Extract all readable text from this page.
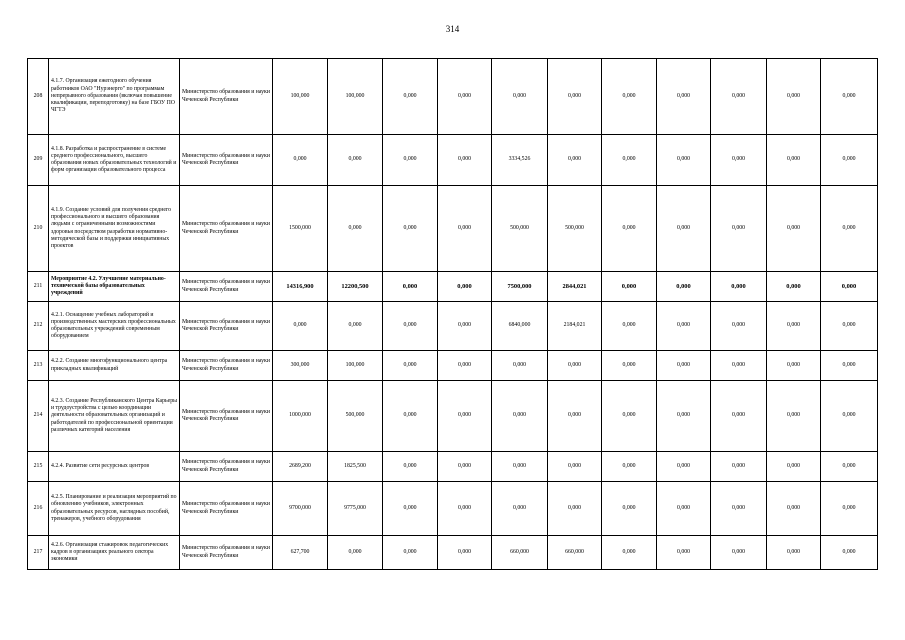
314
208	4.1.7. Организация ежегодного обучения работников ОАО "Нурэнерго" по программам непрерывного образования (включая повышение квалификации, переподготовку) на базе ГБОУ ПО ЧГТЭ	Министерство образования и науки Чеченской Республики	100,000	100,000	0,000	0,000	0,000	0,000	0,000	0,000	0,000	0,000	0,000
209	4.1.8. Разработка и распространение в системе среднего профессионального, высшего образования новых образовательных технологий и форм организации образовательного процесса	Министерство образования и науки Чеченской Республики	0,000	0,000	0,000	0,000	3334,526	0,000	0,000	0,000	0,000	0,000	0,000
210	4.1.9. Создание условий для получения среднего профессионального и высшего образования людьми с ограниченными возможностями здоровья посредством разработки нормативно-методической базы и поддержки инициативных проектов	Министерство образования и науки Чеченской Республики	1500,000	0,000	0,000	0,000	500,000	500,000	0,000	0,000	0,000	0,000	0,000
211	Мероприятие 4.2. Улучшение материально-технической базы образовательных учреждений	Министерство образования и науки Чеченской Республики	14316,900	12200,500	0,000	0,000	7500,000	2844,021	0,000	0,000	0,000	0,000	0,000
212	4.2.1. Оснащение учебных лабораторий и производственных мастерских профессиональных образовательных учреждений современным оборудованием	Министерство образования и науки Чеченской Республики	0,000	0,000	0,000	0,000	6840,000	2184,021	0,000	0,000	0,000	0,000	0,000
213	4.2.2. Создание многофункционального центра прикладных квалификаций	Министерство образования и науки Чеченской Республики	300,000	100,000	0,000	0,000	0,000	0,000	0,000	0,000	0,000	0,000	0,000
214	4.2.3. Создание Республиканского Центра Карьеры и трудоустройства с целью координации деятельности образовательных организаций и работодателей по профессиональной ориентации различных категорий населения	Министерство образования и науки Чеченской Республики	1000,000	500,000	0,000	0,000	0,000	0,000	0,000	0,000	0,000	0,000	0,000
215	4.2.4. Развитие сети ресурсных центров	Министерство образования и науки Чеченской Республики	2689,200	1825,500	0,000	0,000	0,000	0,000	0,000	0,000	0,000	0,000	0,000
216	4.2.5. Планирование и реализация мероприятий по обновлению учебников, электронных образовательных ресурсов, наглядных пособий, тренажеров, учебного оборудования	Министерство образования и науки Чеченской Республики	9700,000	9775,000	0,000	0,000	0,000	0,000	0,000	0,000	0,000	0,000	0,000
217	4.2.6. Организация стажировок педагогических кадров в организациях реального сектора экономики	Министерство образования и науки Чеченской Республики	627,700	0,000	0,000	0,000	660,000	660,000	0,000	0,000	0,000	0,000	0,000
